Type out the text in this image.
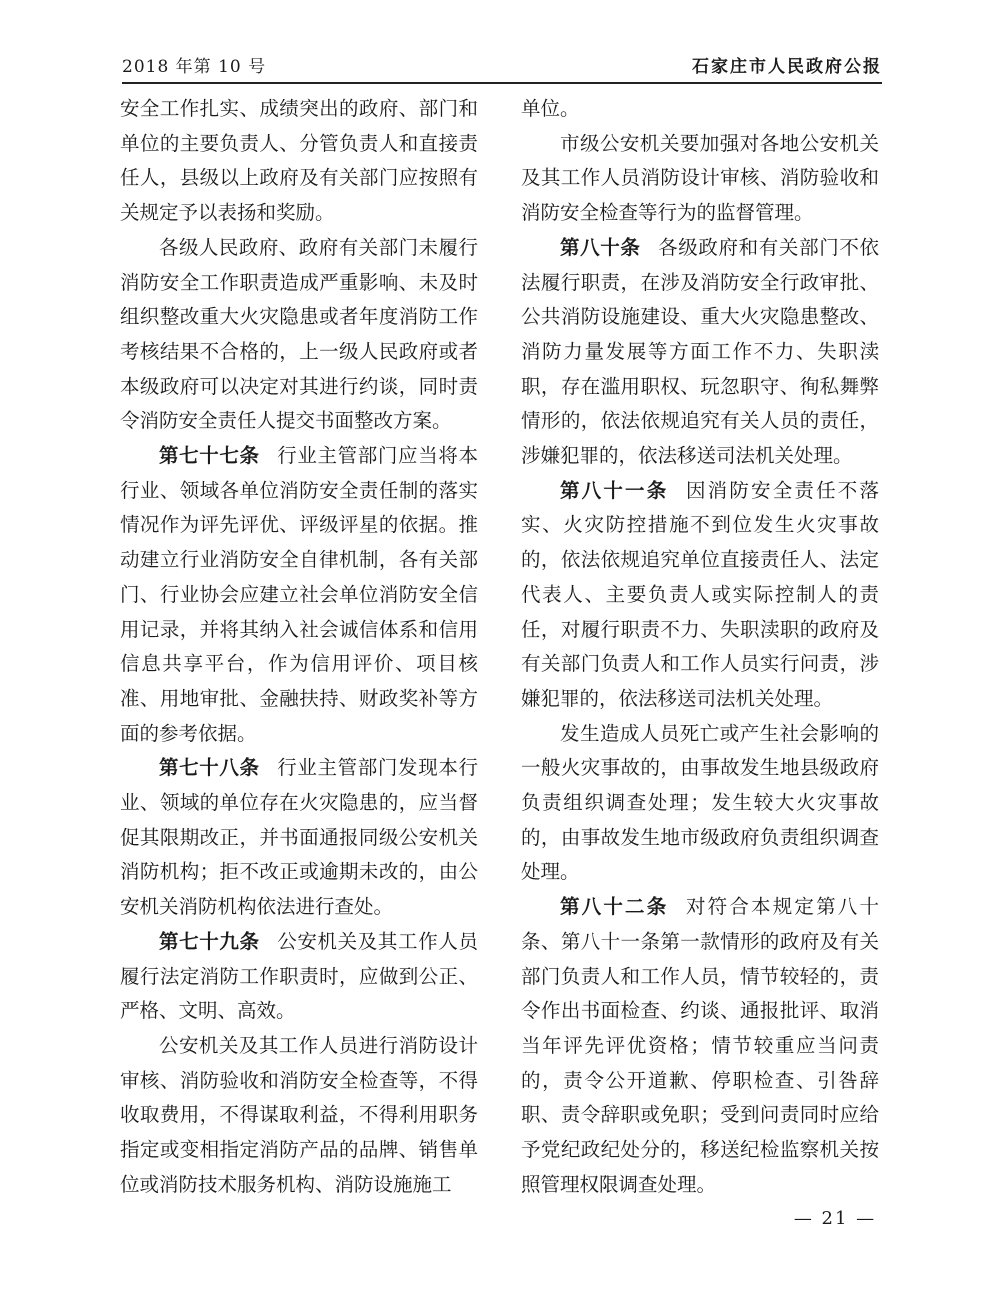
2018 年第 10 号	石家庄市人民政府公报

安全工作扎实、成绩突出的政府、部门和单位的主要负责人、分管负责人和直接责任人，县级以上政府及有关部门应按照有关规定予以表扬和奖励。

各级人民政府、政府有关部门未履行消防安全工作职责造成严重影响、未及时组织整改重大火灾隐患或者年度消防工作考核结果不合格的，上一级人民政府或者本级政府可以决定对其进行约谈，同时责令消防安全责任人提交书面整改方案。

第七十七条 行业主管部门应当将本行业、领域各单位消防安全责任制的落实情况作为评先评优、评级评星的依据。推动建立行业消防安全自律机制，各有关部门、行业协会应建立社会单位消防安全信用记录，并将其纳入社会诚信体系和信用信息共享平台，作为信用评价、项目核准、用地审批、金融扶持、财政奖补等方面的参考依据。

第七十八条 行业主管部门发现本行业、领域的单位存在火灾隐患的，应当督促其限期改正，并书面通报同级公安机关消防机构；拒不改正或逾期未改的，由公安机关消防机构依法进行查处。

第七十九条 公安机关及其工作人员履行法定消防工作职责时，应做到公正、严格、文明、高效。

公安机关及其工作人员进行消防设计审核、消防验收和消防安全检查等，不得收取费用，不得谋取利益，不得利用职务指定或变相指定消防产品的品牌、销售单位或消防技术服务机构、消防设施施工

单位。

市级公安机关要加强对各地公安机关及其工作人员消防设计审核、消防验收和消防安全检查等行为的监督管理。

第八十条 各级政府和有关部门不依法履行职责，在涉及消防安全行政审批、公共消防设施建设、重大火灾隐患整改、消防力量发展等方面工作不力、失职渎职，存在滥用职权、玩忽职守、徇私舞弊情形的，依法依规追究有关人员的责任，涉嫌犯罪的，依法移送司法机关处理。

第八十一条 因消防安全责任不落实、火灾防控措施不到位发生火灾事故的，依法依规追究单位直接责任人、法定代表人、主要负责人或实际控制人的责任，对履行职责不力、失职渎职的政府及有关部门负责人和工作人员实行问责，涉嫌犯罪的，依法移送司法机关处理。

发生造成人员死亡或产生社会影响的一般火灾事故的，由事故发生地县级政府负责组织调查处理；发生较大火灾事故的，由事故发生地市级政府负责组织调查处理。

第八十二条 对符合本规定第八十条、第八十一条第一款情形的政府及有关部门负责人和工作人员，情节较轻的，责令作出书面检查、约谈、通报批评、取消当年评先评优资格；情节较重应当问责的，责令公开道歉、停职检查、引咎辞职、责令辞职或免职；受到问责同时应给予党纪政纪处分的，移送纪检监察机关按照管理权限调查处理。

— 21 —
